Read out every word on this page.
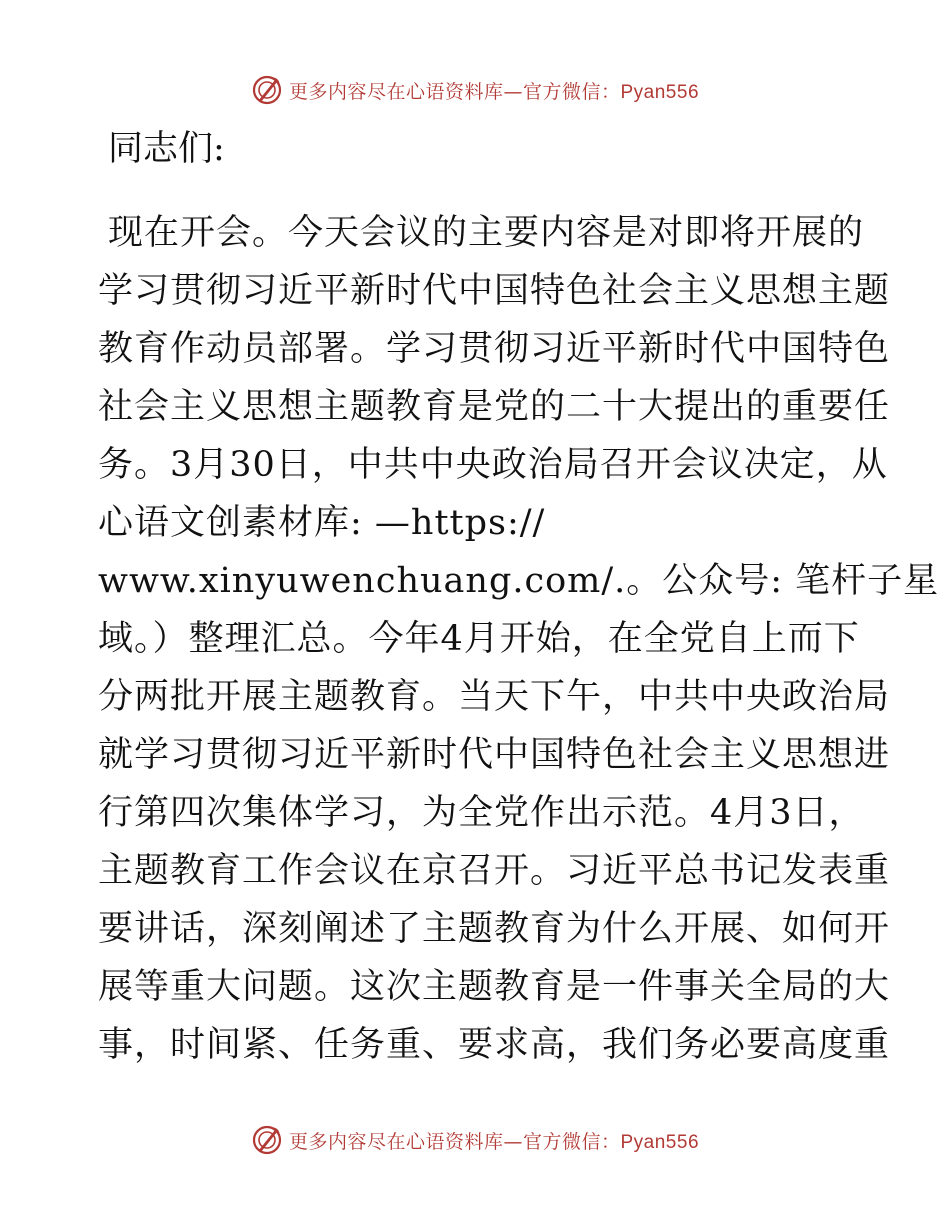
更多内容尽在心语资料库—官方微信：Pyan556
同志们:
现在开会。今天会议的主要内容是对即将开展的
学习贯彻习近平新时代中国特色社会主义思想主题
教育作动员部署。学习贯彻习近平新时代中国特色
社会主义思想主题教育是党的二十大提出的重要任
务。3月30日，中共中央政治局召开会议决定，从
心语文创素材库: —https://
www.xinyuwenchuang.com/.。公众号: 笔杆子星
域。）整理汇总。今年4月开始，在全党自上而下
分两批开展主题教育。当天下午，中共中央政治局
就学习贯彻习近平新时代中国特色社会主义思想进
行第四次集体学习，为全党作出示范。4月3日，
主题教育工作会议在京召开。习近平总书记发表重
要讲话，深刻阐述了主题教育为什么开展、如何开
展等重大问题。这次主题教育是一件事关全局的大
事，时间紧、任务重、要求高，我们务必要高度重
更多内容尽在心语资料库—官方微信：Pyan556
